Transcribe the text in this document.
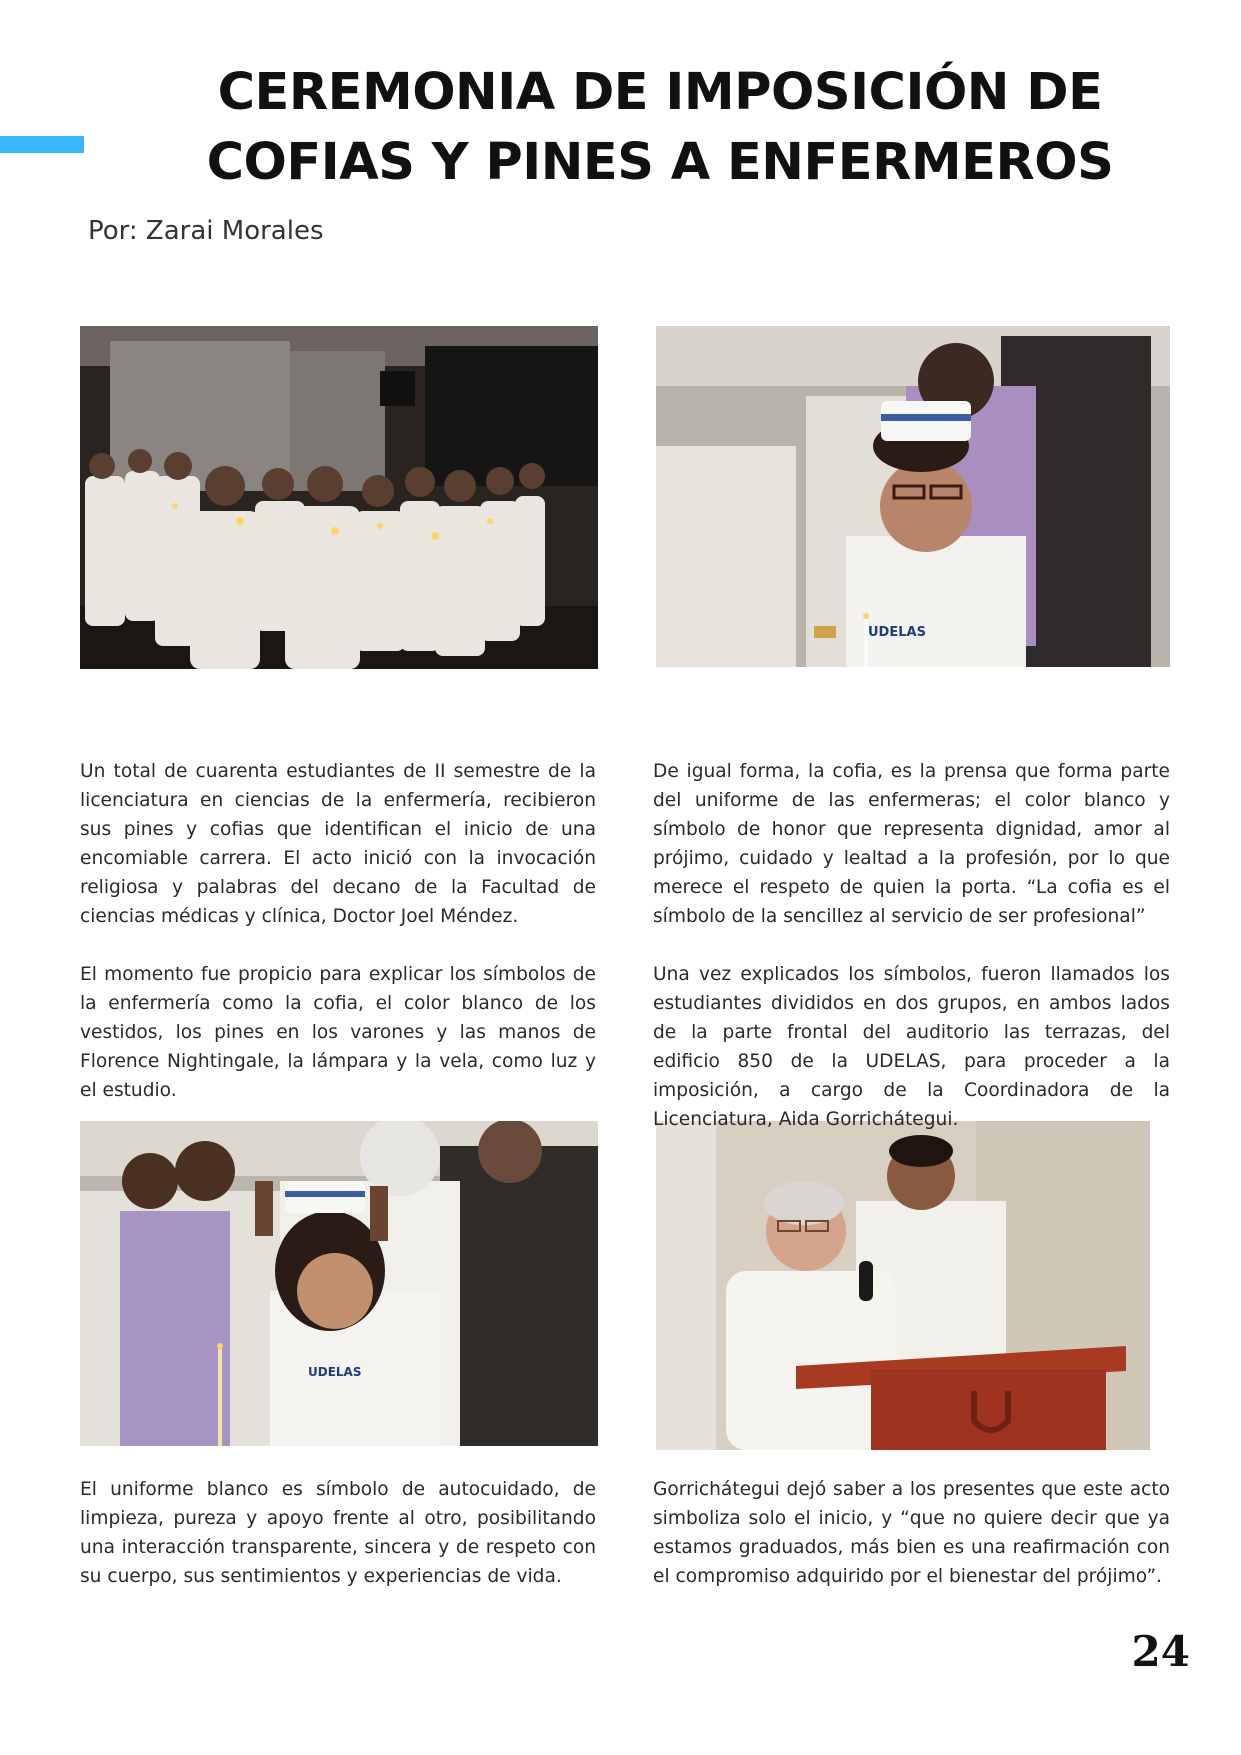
CEREMONIA DE IMPOSICIÓN DE COFIAS Y PINES A ENFERMEROS

Por: Zarai Morales

UDELAS
UDELAS

Un total de cuarenta estudiantes de II semestre de la licenciatura en ciencias de la enfermería, recibieron sus pines y cofias que identifican el inicio de una encomiable carrera. El acto inició con la invocación religiosa y palabras del decano de la Facultad de ciencias médicas y clínica, Doctor Joel Méndez.

El momento fue propicio para explicar los símbolos de la enfermería como la cofia, el color blanco de los vestidos, los pines en los varones y las manos de Florence Nightingale, la lámpara y la vela, como luz y el estudio.

De igual forma, la cofia, es la prensa que forma parte del uniforme de las enfermeras; el color blanco y símbolo de honor que representa dignidad, amor al prójimo, cuidado y lealtad a la profesión, por lo que merece el respeto de quien la porta. “La cofia es el símbolo de la sencillez al servicio de ser profesional”

Una vez explicados los símbolos, fueron llamados los estudiantes divididos en dos grupos, en ambos lados de la parte frontal del auditorio las terrazas, del edificio 850 de la UDELAS, para proceder a la imposición, a cargo de la Coordinadora de la Licenciatura, Aida Gorrichátegui.

El uniforme blanco es símbolo de autocuidado, de limpieza, pureza y apoyo frente al otro, posibilitando una interacción transparente, sincera y de respeto con su cuerpo, sus sentimientos y experiencias de vida.

Gorrichátegui dejó saber a los presentes que este acto simboliza solo el inicio, y “que no quiere decir que ya estamos graduados, más bien es una reafirmación con el compromiso adquirido por el bienestar del prójimo”.

24
